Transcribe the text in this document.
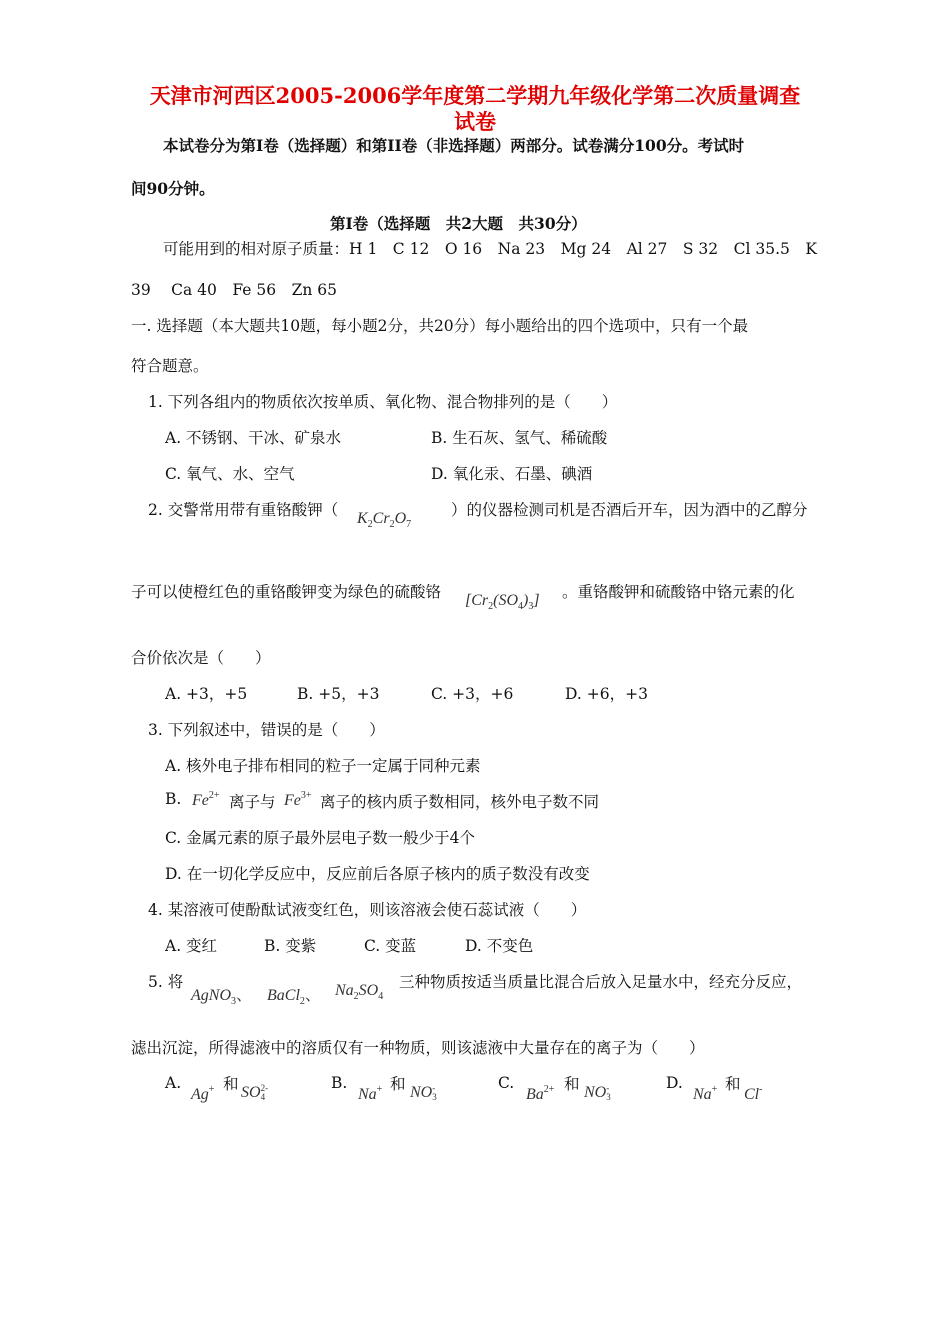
天津市河西区2005-2006学年度第二学期九年级化学第二次质量调查
试卷
本试卷分为第I卷（选择题）和第II卷（非选择题）两部分。试卷满分100分。考试时
间90分钟。
第I卷（选择题　共2大题　共30分）
可能用到的相对原子质量：H 1　C 12　O 16　Na 23　Mg 24　Al 27　S 32　Cl 35.5　K
39　 Ca 40　Fe 56　Zn 65
一. 选择题（本大题共10题，每小题2分，共20分）每小题给出的四个选项中，只有一个最
符合题意。
1. 下列各组内的物质依次按单质、氧化物、混合物排列的是（　　）
A. 不锈钢、干冰、矿泉水	B. 生石灰、氢气、稀硫酸
C. 氧气、水、空气	D. 氧化汞、石墨、碘酒
2. 交警常用带有重铬酸钾（ $K_2Cr_2O_7$
）的仪器检测司机是否酒后开车，因为酒中的乙醇分
子可以使橙红色的重铬酸钾变为绿色的硫酸铬 $[Cr_2(SO_4)_3]$ 。重铬酸钾和硫酸铬中铬元素的化
合价依次是（　　）
A. +3，+5	B. +5，+3	C. +3，+6	D. +6，+3
3. 下列叙述中，错误的是（　　）
A. 核外电子排布相同的粒子一定属于同种元素
B. $Fe^{2+}$ 离子与 $Fe^{3+}$ 离子的核内质子数相同，核外电子数不同
C. 金属元素的原子最外层电子数一般少于4个
D. 在一切化学反应中，反应前后各原子核内的质子数没有改变
4. 某溶液可使酚酞试液变红色，则该溶液会使石蕊试液（　　）
A. 变红	B. 变紫	C. 变蓝	D. 不变色
5. 将
AgNO$_3$、 BaCl$_2$、 $Na_2SO_4$
三种物质按适当质量比混合后放入足量水中，经充分反应，
滤出沉淀，所得滤液中的溶质仅有一种物质，则该滤液中大量存在的离子为（　　）
A.
Ag+ 和 SO 2-
4
B.
Na+ 和 NO -
3
C.
$Ba^{2+}$ 和 NO -
3
D.
Na+ 和
Cl-
